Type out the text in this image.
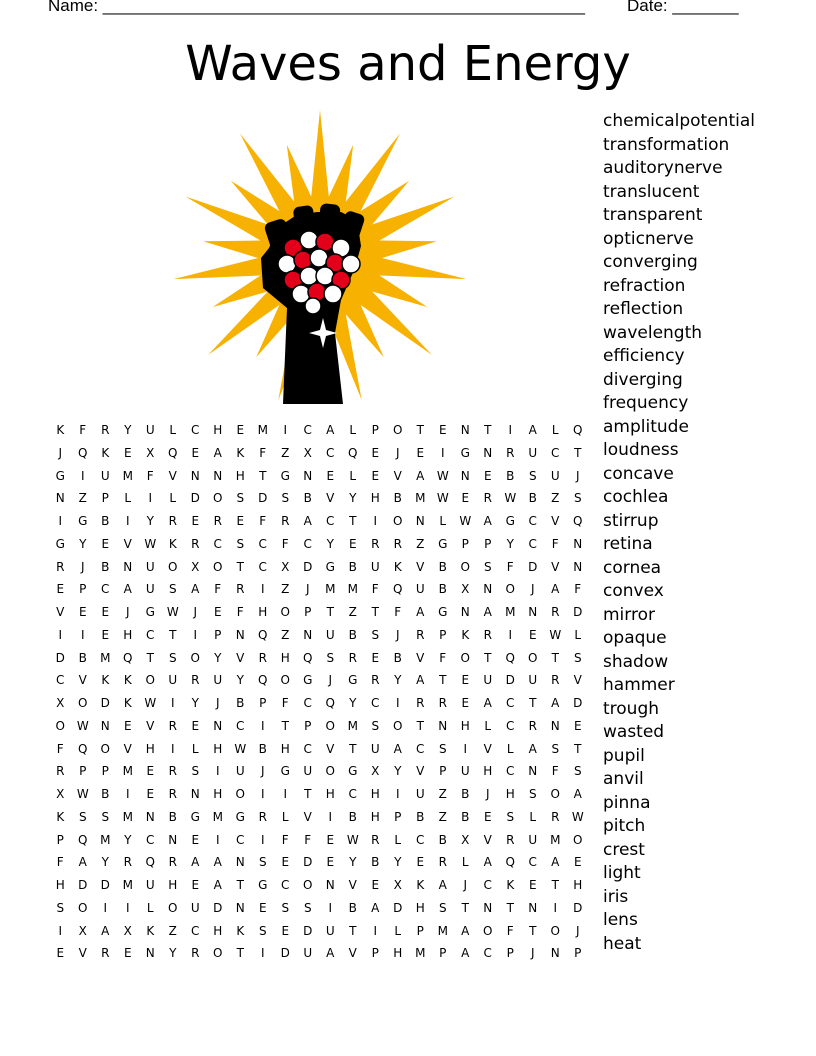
Name: ___________________________________________________ Date: _______
Waves and Energy
K	F	R	Y	U	L	C	H	E	M	I	C	A	L	P	O	T	E	N	T	I	A	L	Q
J	Q	K	E	X	Q	E	A	K	F	Z	X	C	Q	E	J	E	I	G	N	R	U	C	T
G	I	U	M	F	V	N	N	H	T	G	N	E	L	E	V	A	W	N	E	B	S	U	J
N	Z	P	L	I	L	D	O	S	D	S	B	V	Y	H	B	M W	E	R	W	B	Z	S
I	G	B	I	Y	R	E	R	E	F	R	A	C	T	I	O	N	L	W	A	G	C	V	Q
G	Y	E	V	W	K	R	C	S	C	F	C	Y	E	R	R	Z	G	P	P	Y	C	F	N
R	J	B	N	U	O	X	O	T	C	X	D	G	B	U	K	V	B	O	S	F	D	V	N
E	P	C	A	U	S	A	F	R	I	Z	J	M	M	F	Q	U	B	X	N	O	J	A	F
V	E	E	J	G W	J	E	F	H	O	P	T	Z	T	F	A	G	N	A	M	N	R	D
I	I	E	H	C	T	I	P	N	Q	Z	N	U	B	S	J	R	P	K	R	I	E	W	L
D	B	M	Q	T	S	O	Y	V	R	H	Q	S	R	E	B	V	F	O	T	Q	O	T	S
C	V	K	K	O	U	R	U	Y	Q	O	G	J	G	R	Y	A	T	E	U	D	U	R	V
X	O	D	K	W	I	Y	J	B	P	F	C	Q	Y	C	I	R	R	E	A	C	T	A	D
O W	N	E	V	R	E	N	C	I	T	P	O	M	S	O	T	N	H	L	C	R	N	E
F	Q	O	V	H	I	L	H	W	B	H	C	V	T	U	A	C	S	I	V	L	A	S	T
R	P	P	M	E	R	S	I	U	J	G	U	O	G	X	Y	V	P	U	H	C	N	F	S
X	W	B	I	E	R	N	H	O	I	I	T	H	C	H	I	U	Z	B	J	H	S	O	A
K	S	S	M	N	B	G	M	G	R	L	V	I	B	H	P	B	Z	B	E	S	L	R	W
P	Q	M	Y	C	N	E	I	C	I	F	F	E	W	R	L	C	B	X	V	R	U	M	O
F	A	Y	R	Q	R	A	A	N	S	E	D	E	Y	B	Y	E	R	L	A	Q	C	A	E
H	D	D	M	U	H	E	A	T	G	C	O	N	V	E	X	K	A	J	C	K	E	T	H
S	O	I	I	L	O	U	D	N	E	S	S	I	B	A	D	H	S	T	N	T	N	I	D
I	X	A	X	K	Z	C	H	K	S	E	D	U	T	I	L	P	M	A	O	F	T	O	J
E	V	R	E	N	Y	R	O	T	I	D	U	A	V	P	H	M	P	A	C	P	J	N	P
chemicalpotential
transformation
auditorynerve
translucent
transparent
opticnerve
converging
refraction
reflection
wavelength
efficiency
diverging
frequency
amplitude
loudness
concave
cochlea
stirrup
retina
cornea
convex
mirror
opaque
shadow
hammer
trough
wasted
pupil
anvil
pinna
pitch
crest
light
iris
lens
heat
